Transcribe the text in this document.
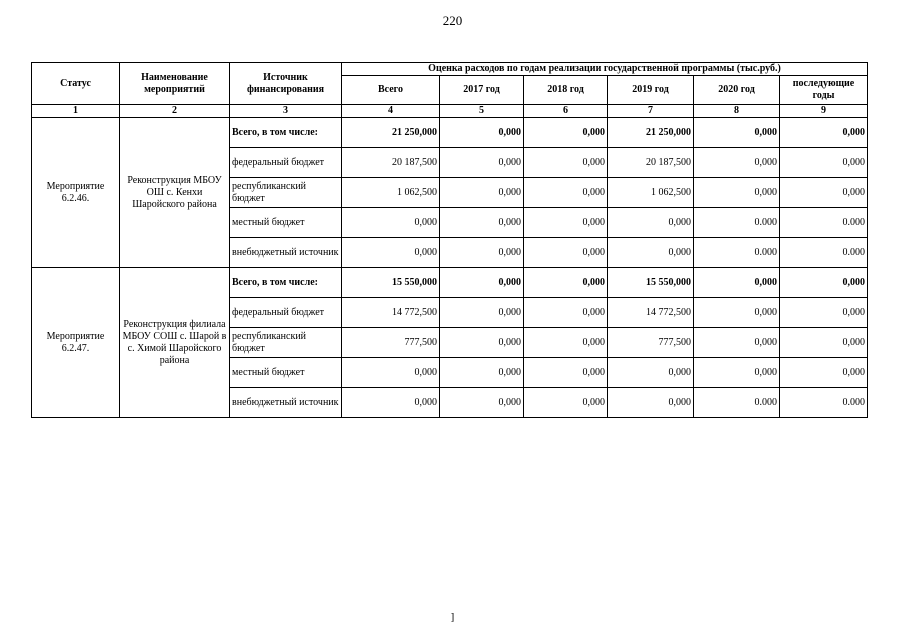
220
Статус	Наименование мероприятий	Источник финансирования	Оценка расходов по годам реализации государственной программы (тыс.руб.)					
			Всего	2017 год	2018 год	2019 год	2020 год	последующие годы
1	2	3	4	5	6	7	8	9
Мероприятие 6.2.46.	Реконструкция МБОУ ОШ с. Кенхи Шаройского района	Всего, в том числе:	21 250,000	0,000	0,000	21 250,000	0,000	0,000
		федеральный бюджет	20 187,500	0,000	0,000	20 187,500	0,000	0,000
		республиканский бюджет	1 062,500	0,000	0,000	1 062,500	0,000	0,000
		местный бюджет	0,000	0,000	0,000	0,000	0.000	0.000
		внебюджетный источник	0,000	0,000	0,000	0,000	0.000	0.000
Мероприятие 6.2.47.	Реконструкция филиала МБОУ СОШ с. Шарой в с. Химой Шаройского района	Всего, в том числе:	15 550,000	0,000	0,000	15 550,000	0,000	0,000
		федеральный бюджет	14 772,500	0,000	0,000	14 772,500	0,000	0,000
		республиканский бюджет	777,500	0,000	0,000	777,500	0,000	0,000
		местный бюджет	0,000	0,000	0,000	0,000	0,000	0,000
		внебюджетный источник	0,000	0,000	0,000	0,000	0.000	0.000
]
